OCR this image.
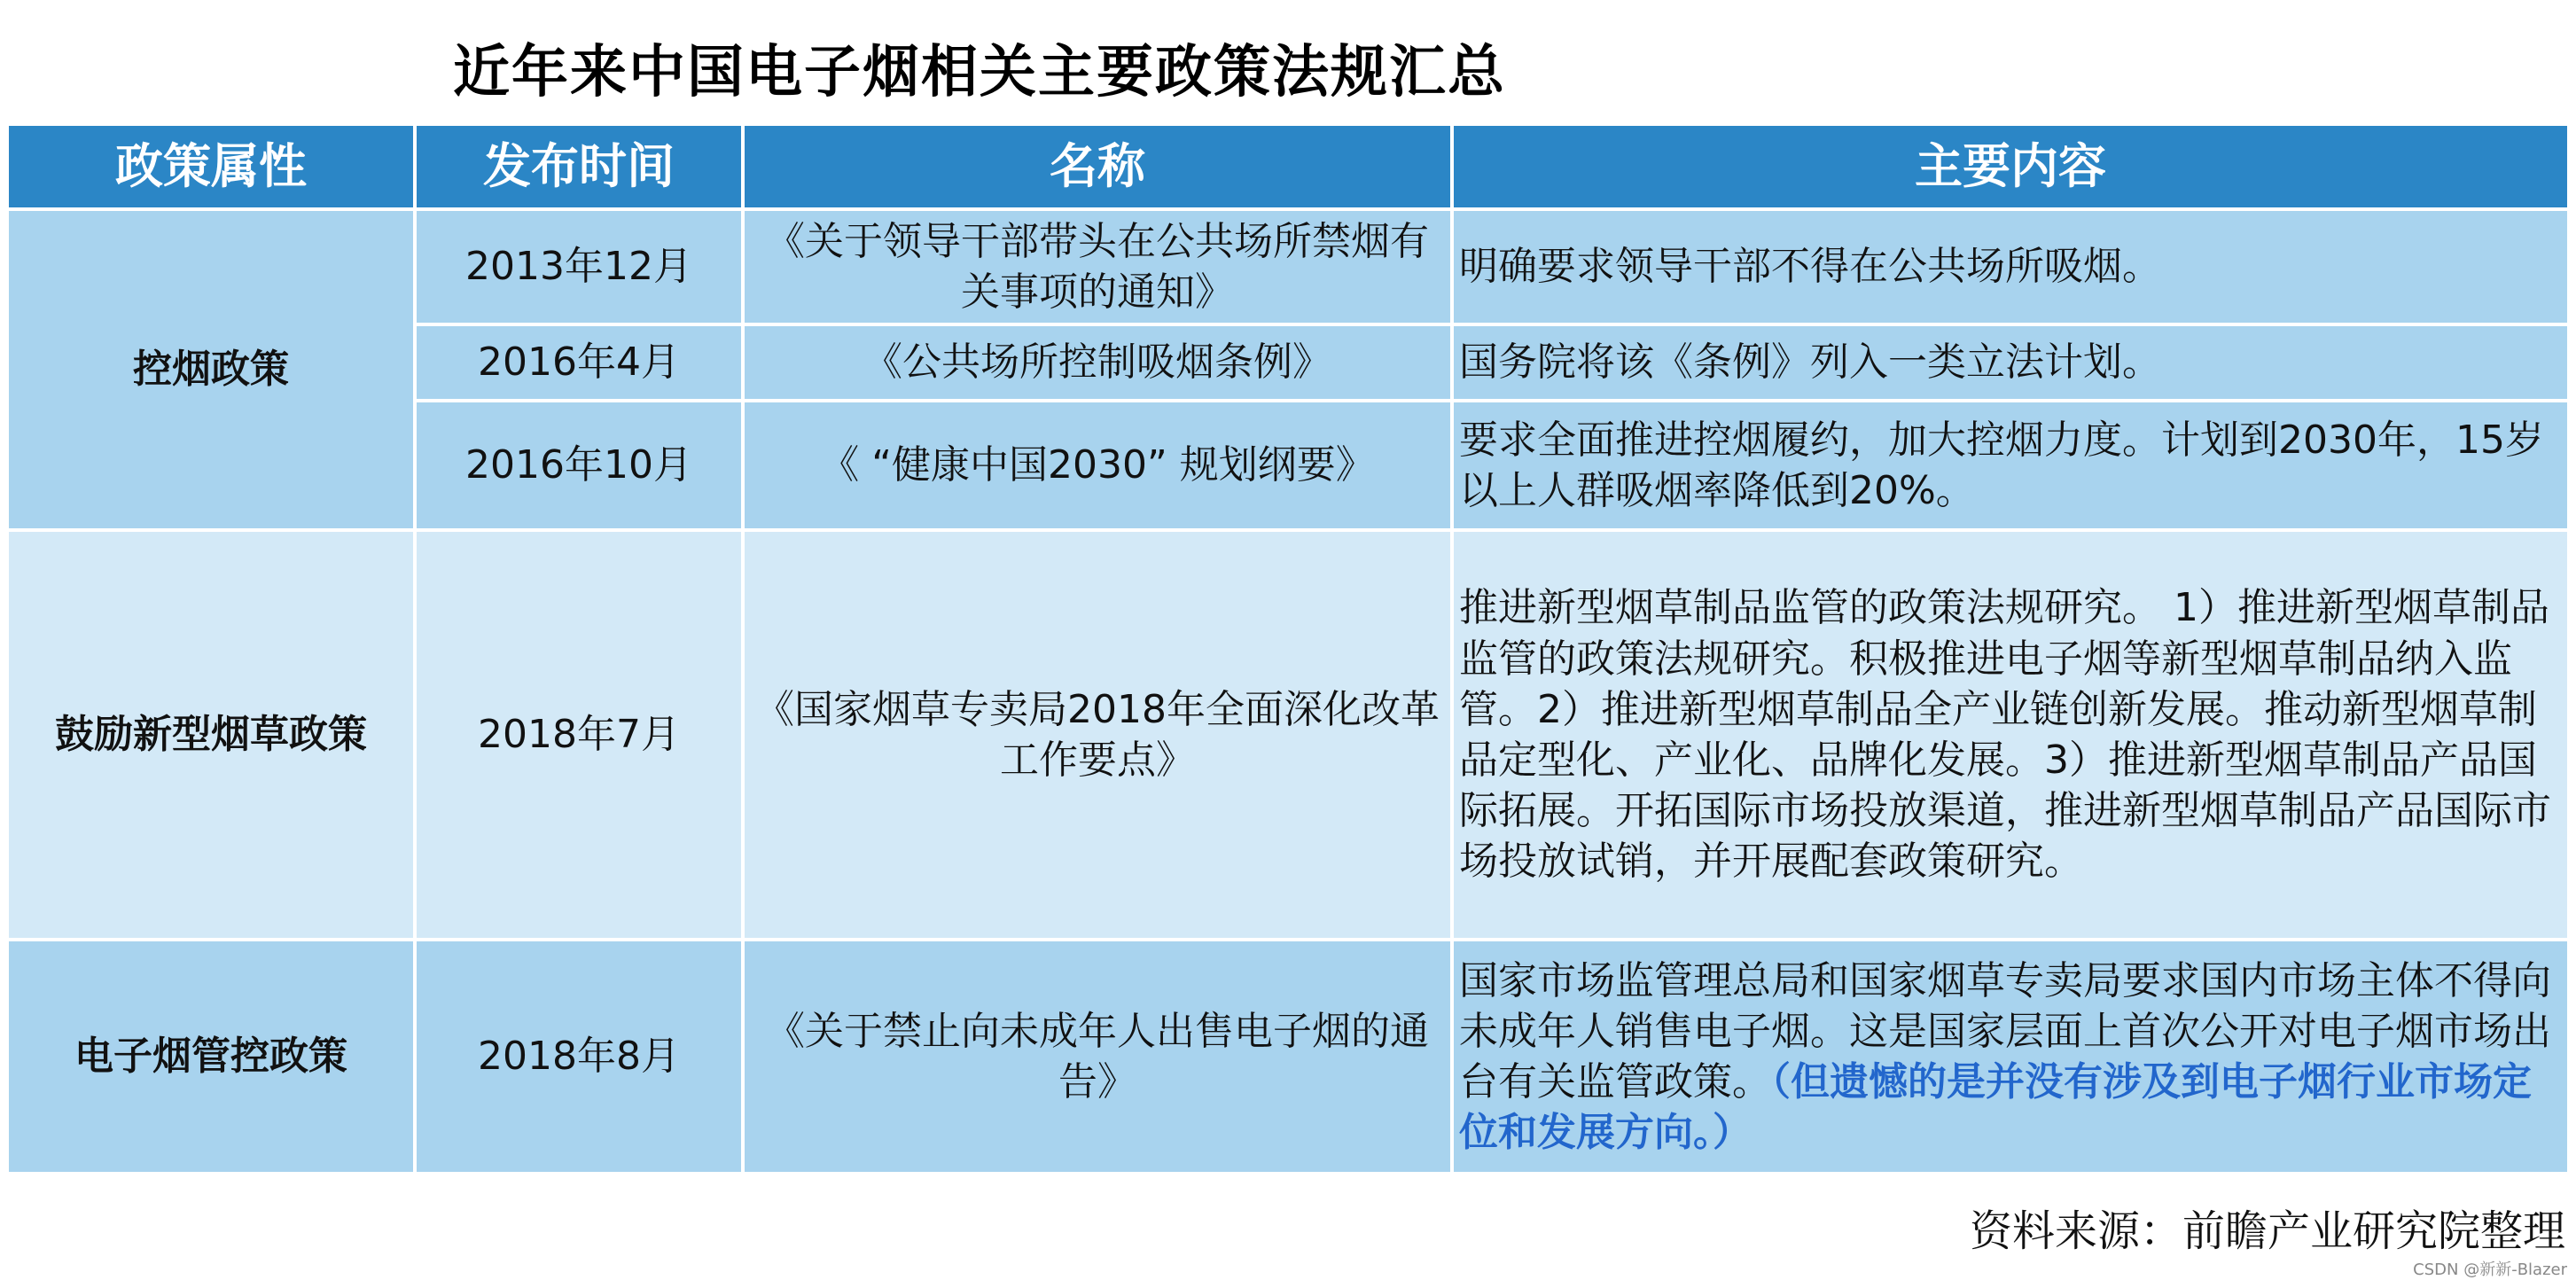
近年来中国电子烟相关主要政策法规汇总
政策属性	发布时间	名称	主要内容
控烟政策	2013年12月	《关于领导干部带头在公共场所禁烟有关事项的通知》	明确要求领导干部不得在公共场所吸烟。
	2016年4月	《公共场所控制吸烟条例》	国务院将该《条例》列入一类立法计划。
	2016年10月	《 “健康中国2030” 规划纲要》	要求全面推进控烟履约，加大控烟力度。计划到2030年，15岁以上人群吸烟率降低到20%。
鼓励新型烟草政策	2018年7月	《国家烟草专卖局2018年全面深化改革工作要点》	推进新型烟草制品监管的政策法规研究。 1）推进新型烟草制品监管的政策法规研究。积极推进电子烟等新型烟草制品纳入监管。2）推进新型烟草制品全产业链创新发展。推动新型烟草制品定型化、产业化、品牌化发展。3）推进新型烟草制品产品国际拓展。开拓国际市场投放渠道，推进新型烟草制品产品国际市场投放试销，并开展配套政策研究。
电子烟管控政策	2018年8月	《关于禁止向未成年人出售电子烟的通告》	国家市场监管理总局和国家烟草专卖局要求国内市场主体不得向未成年人销售电子烟。这是国家层面上首次公开对电子烟市场出台有关监管政策。（但遗憾的是并没有涉及到电子烟行业市场定位和发展方向。）
资料来源：前瞻产业研究院整理
CSDN @新新-Blazer
